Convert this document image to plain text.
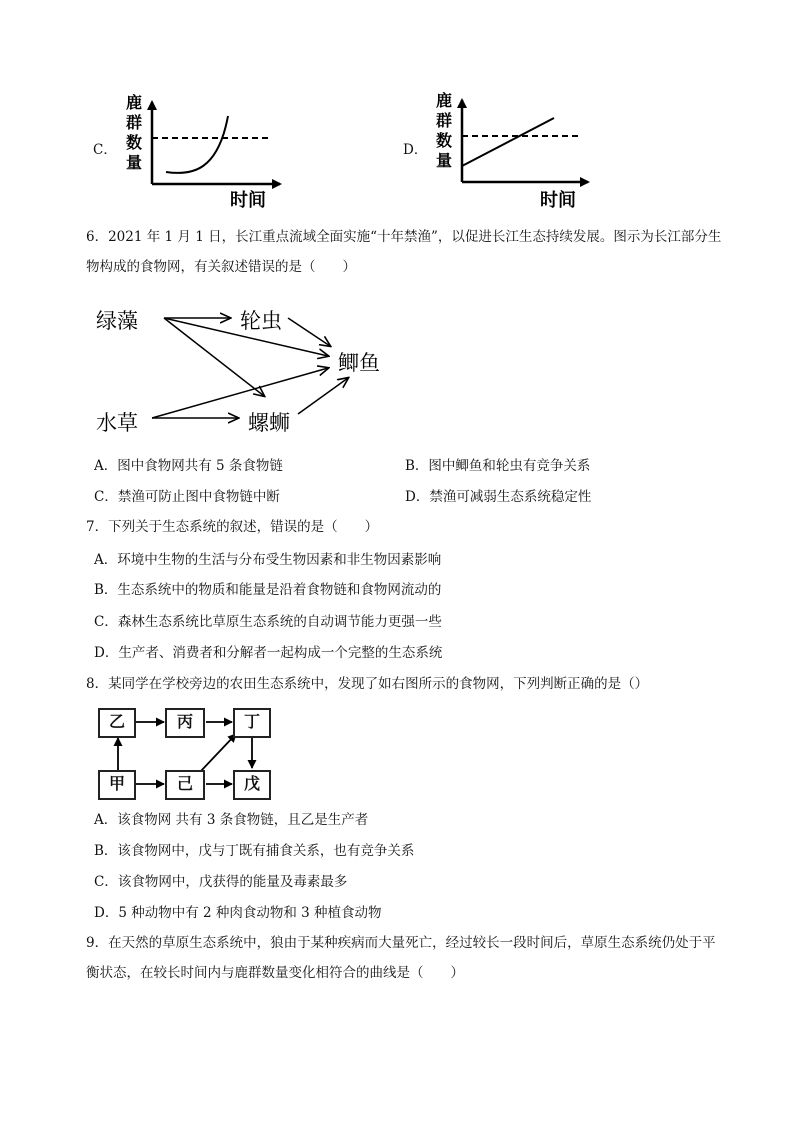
C．
鹿 群 数 量
时间
D．
鹿 群 数 量
时间
6．2021 年 1 月 1 日，长江重点流域全面实施“十年禁渔”，以促进长江生态持续发展。图示为长江部分生物构成的食物网，有关叙述错误的是（　　）
绿藻	轮虫
鲫鱼
水草	螺蛳
A．图中食物网共有 5 条食物链	B．图中鲫鱼和轮虫有竞争关系
C．禁渔可防止图中食物链中断	D．禁渔可减弱生态系统稳定性
7．下列关于生态系统的叙述，错误的是（　　）
A．环境中生物的生活与分布受生物因素和非生物因素影响
B．生态系统中的物质和能量是沿着食物链和食物网流动的
C．森林生态系统比草原生态系统的自动调节能力更强一些
D．生产者、消费者和分解者一起构成一个完整的生态系统
8．某同学在学校旁边的农田生态系统中，发现了如右图所示的食物网，下列判断正确的是（）
乙	丙	丁
甲	己	戊
A．该食物网 共有 3 条食物链，且乙是生产者
B．该食物网中，戊与丁既有捕食关系，也有竞争关系
C．该食物网中，戊获得的能量及毒素最多
D．5 种动物中有 2 种肉食动物和 3 种植食动物
9．在天然的草原生态系统中，狼由于某种疾病而大量死亡，经过较长一段时间后，草原生态系统仍处于平衡状态，在较长时间内与鹿群数量变化相符合的曲线是（　　）
